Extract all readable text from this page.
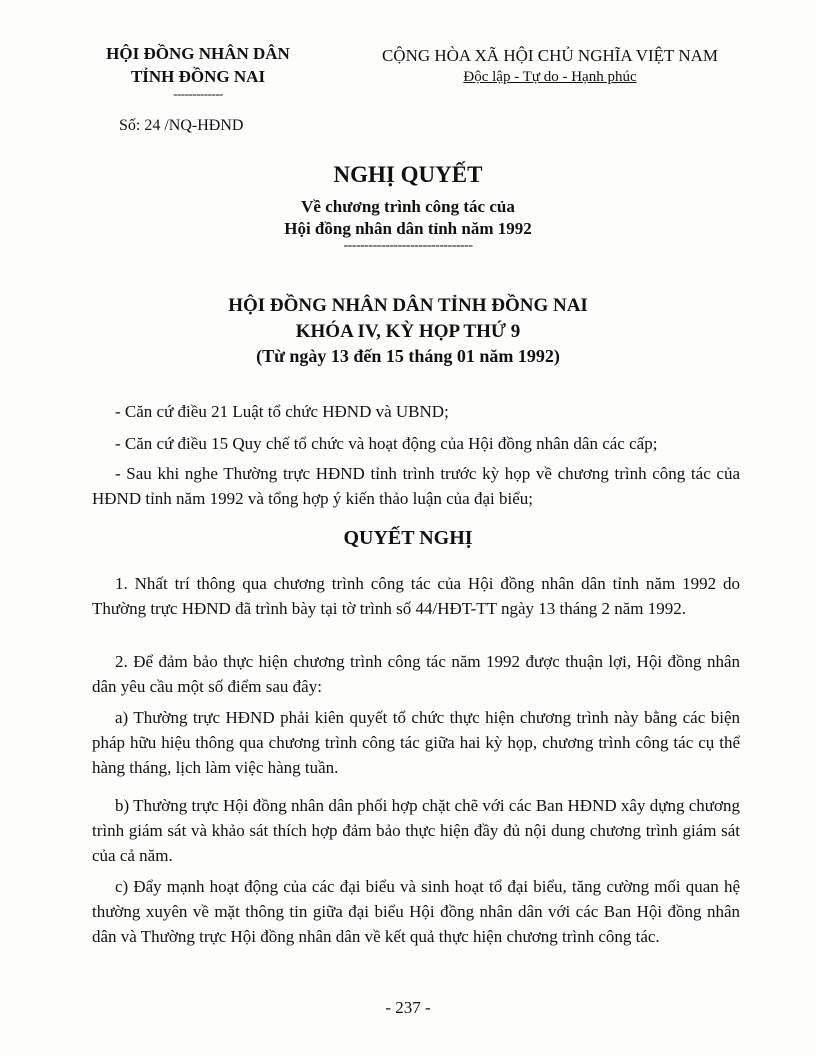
HỘI ĐỒNG NHÂN DÂN
TỈNH ĐỒNG NAI
-------------
CỘNG HÒA XÃ HỘI CHỦ NGHĨA VIỆT NAM
Độc lập - Tự do - Hạnh phúc
Số: 24 /NQ-HĐND
NGHỊ QUYẾT
Về chương trình công tác của
Hội đồng nhân dân tỉnh năm 1992
-------------------------------
HỘI ĐỒNG NHÂN DÂN TỈNH ĐỒNG NAI
KHÓA IV, KỲ HỌP THỨ 9
(Từ ngày 13 đến 15 tháng 01 năm 1992)
- Căn cứ điều 21 Luật tổ chức HĐND và UBND;
- Căn cứ điều 15 Quy chế tổ chức và hoạt động của Hội đồng nhân dân các cấp;
- Sau khi nghe Thường trực HĐND tỉnh trình trước kỳ họp về chương trình công tác của HĐND tỉnh năm 1992 và tổng hợp ý kiến thảo luận của đại biểu;
QUYẾT NGHỊ
1. Nhất trí thông qua chương trình công tác của Hội đồng nhân dân tỉnh năm 1992 do Thường trực HĐND đã trình bày tại tờ trình số 44/HĐT-TT ngày 13 tháng 2 năm 1992.
2. Để đảm bảo thực hiện chương trình công tác năm 1992 được thuận lợi, Hội đồng nhân dân yêu cầu một số điểm sau đây:
a) Thường trực HĐND phải kiên quyết tổ chức thực hiện chương trình này bằng các biện pháp hữu hiệu thông qua chương trình công tác giữa hai kỳ họp, chương trình công tác cụ thể hàng tháng, lịch làm việc hàng tuần.
b) Thường trực Hội đồng nhân dân phối hợp chặt chẽ với các Ban HĐND xây dựng chương trình giám sát và khảo sát thích hợp đảm bảo thực hiện đầy đủ nội dung chương trình giám sát của cả năm.
c) Đẩy mạnh hoạt động của các đại biểu và sinh hoạt tổ đại biểu, tăng cường mối quan hệ thường xuyên về mặt thông tin giữa đại biểu Hội đồng nhân dân với các Ban Hội đồng nhân dân và Thường trực Hội đồng nhân dân về kết quả thực hiện chương trình công tác.
- 237 -
